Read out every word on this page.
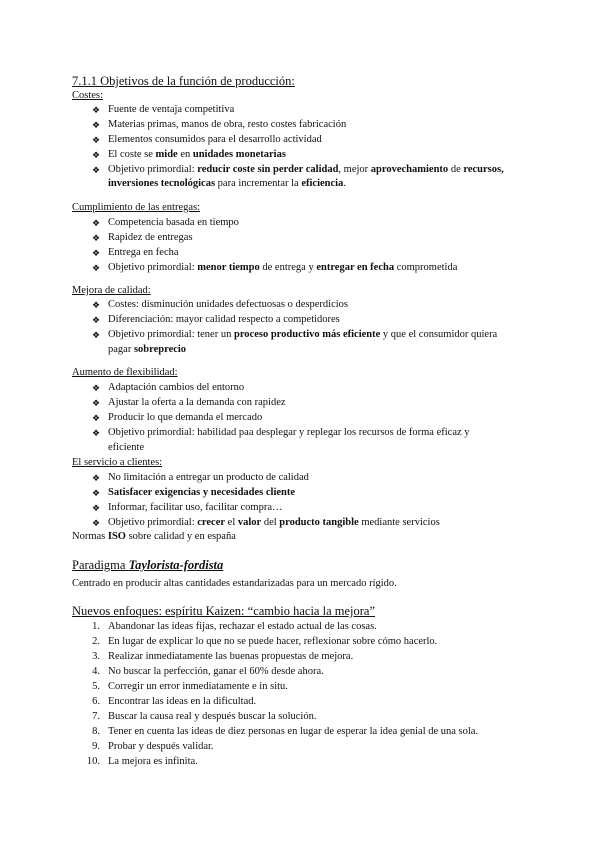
7.1.1 Objetivos de la función de producción:
Costes:
❖ Fuente de ventaja competitiva
❖ Materias primas, manos de obra, resto costes fabricación
❖ Elementos consumidos para el desarrollo actividad
❖ El coste se mide en unidades monetarias
❖ Objetivo primordial: reducir coste sin perder calidad, mejor aprovechamiento de recursos,
inversiones tecnológicas para incrementar la eficiencia.
Cumplimiento de las entregas:
❖ Competencia basada en tiempo
❖ Rapidez de entregas
❖ Entrega en fecha
❖ Objetivo primordial: menor tiempo de entrega y entregar en fecha comprometida
Mejora de calidad:
❖ Costes: disminución unidades defectuosas o desperdicios
❖ Diferenciación: mayor calidad respecto a competidores
❖ Objetivo primordial: tener un proceso productivo más eficiente y que el consumidor quiera
pagar sobreprecio
Aumento de flexibilidad:
❖ Adaptación cambios del entorno
❖ Ajustar la oferta a la demanda con rapidez
❖ Producir lo que demanda el mercado
❖ Objetivo primordial: habilidad paa desplegar y replegar los recursos de forma eficaz y
eficiente
El servicio a clientes:
❖ No limitación a entregar un producto de calidad
❖ Satisfacer exigencias y necesidades cliente
❖ Informar, facilitar uso, facilitar compra…
❖ Objetivo primordial: crecer el valor del producto tangible mediante servicios
Normas ISO sobre calidad y en españa
Paradigma Taylorista-fordista
Centrado en producir altas cantidades estandarizadas para un mercado rígido.
Nuevos enfoques: espíritu Kaizen: “cambio hacia la mejora”
1. Abandonar las ideas fijas, rechazar el estado actual de las cosas.
2. En lugar de explicar lo que no se puede hacer, reflexionar sobre cómo hacerlo.
3. Realizar inmediatamente las buenas propuestas de mejora.
4. No buscar la perfección, ganar el 60% desde ahora.
5. Corregir un error inmediatamente e in situ.
6. Encontrar las ideas en la dificultad.
7. Buscar la causa real y después buscar la solución.
8. Tener en cuenta las ideas de diez personas en lugar de esperar la idea genial de una sola.
9. Probar y después validar.
10. La mejora es infinita.
